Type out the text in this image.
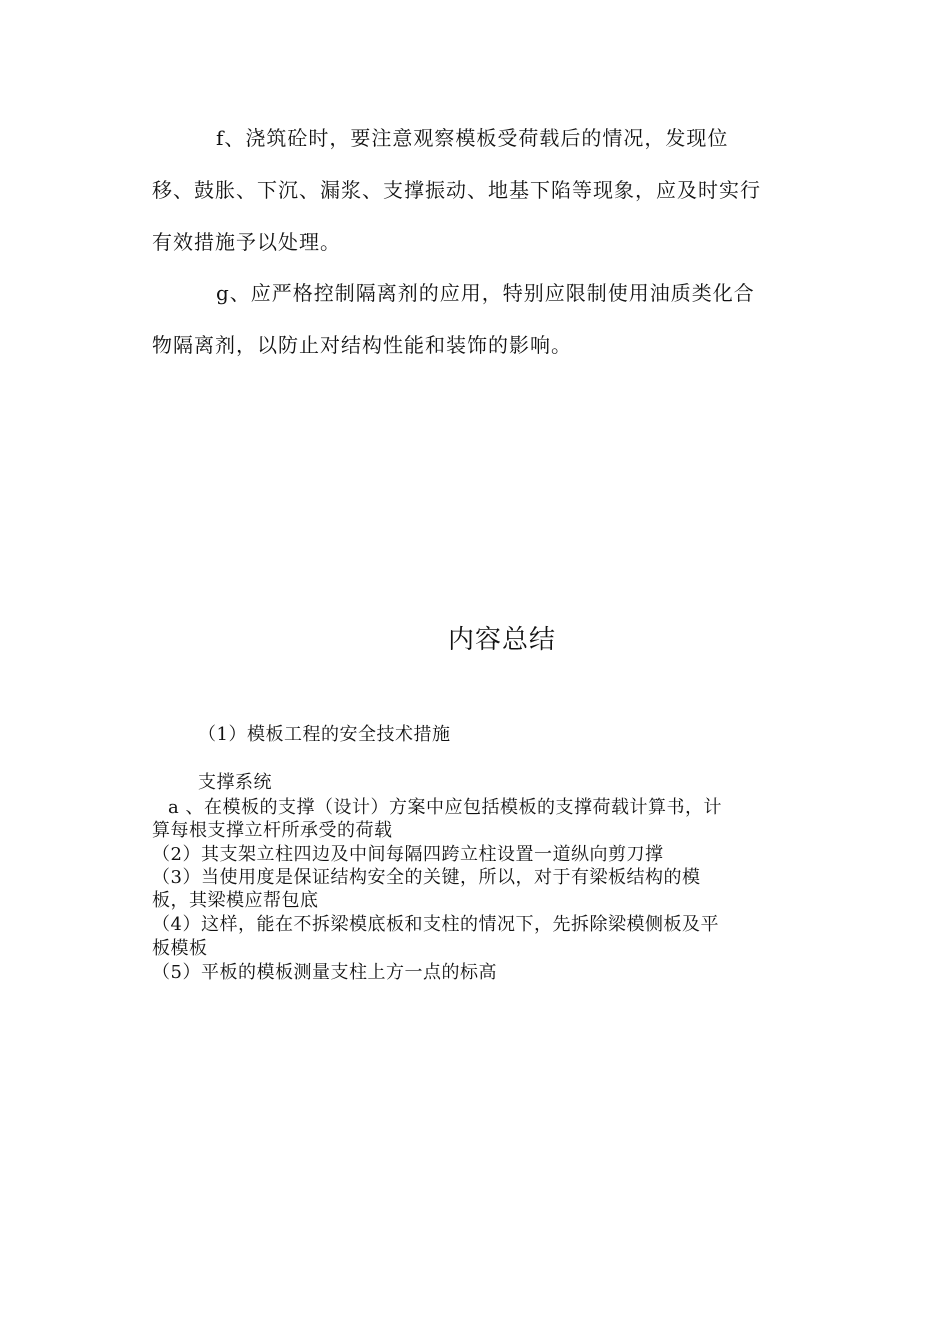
f、浇筑砼时，要注意观察模板受荷载后的情况，发现位
移、鼓胀、下沉、漏浆、支撑振动、地基下陷等现象，应及时实行
有效措施予以处理。
g、应严格控制隔离剂的应用，特别应限制使用油质类化合
物隔离剂，以防止对结构性能和装饰的影响。
内容总结
（1）模板工程的安全技术措施
支撑系统
a 、在模板的支撑（设计）方案中应包括模板的支撑荷载计算书，计
算每根支撑立杆所承受的荷载
（2）其支架立柱四边及中间每隔四跨立柱设置一道纵向剪刀撑
（3）当使用度是保证结构安全的关键，所以，对于有梁板结构的模
板，其梁模应帮包底
（4）这样，能在不拆梁模底板和支柱的情况下，先拆除梁模侧板及平
板模板
（5）平板的模板测量支柱上方一点的标高
